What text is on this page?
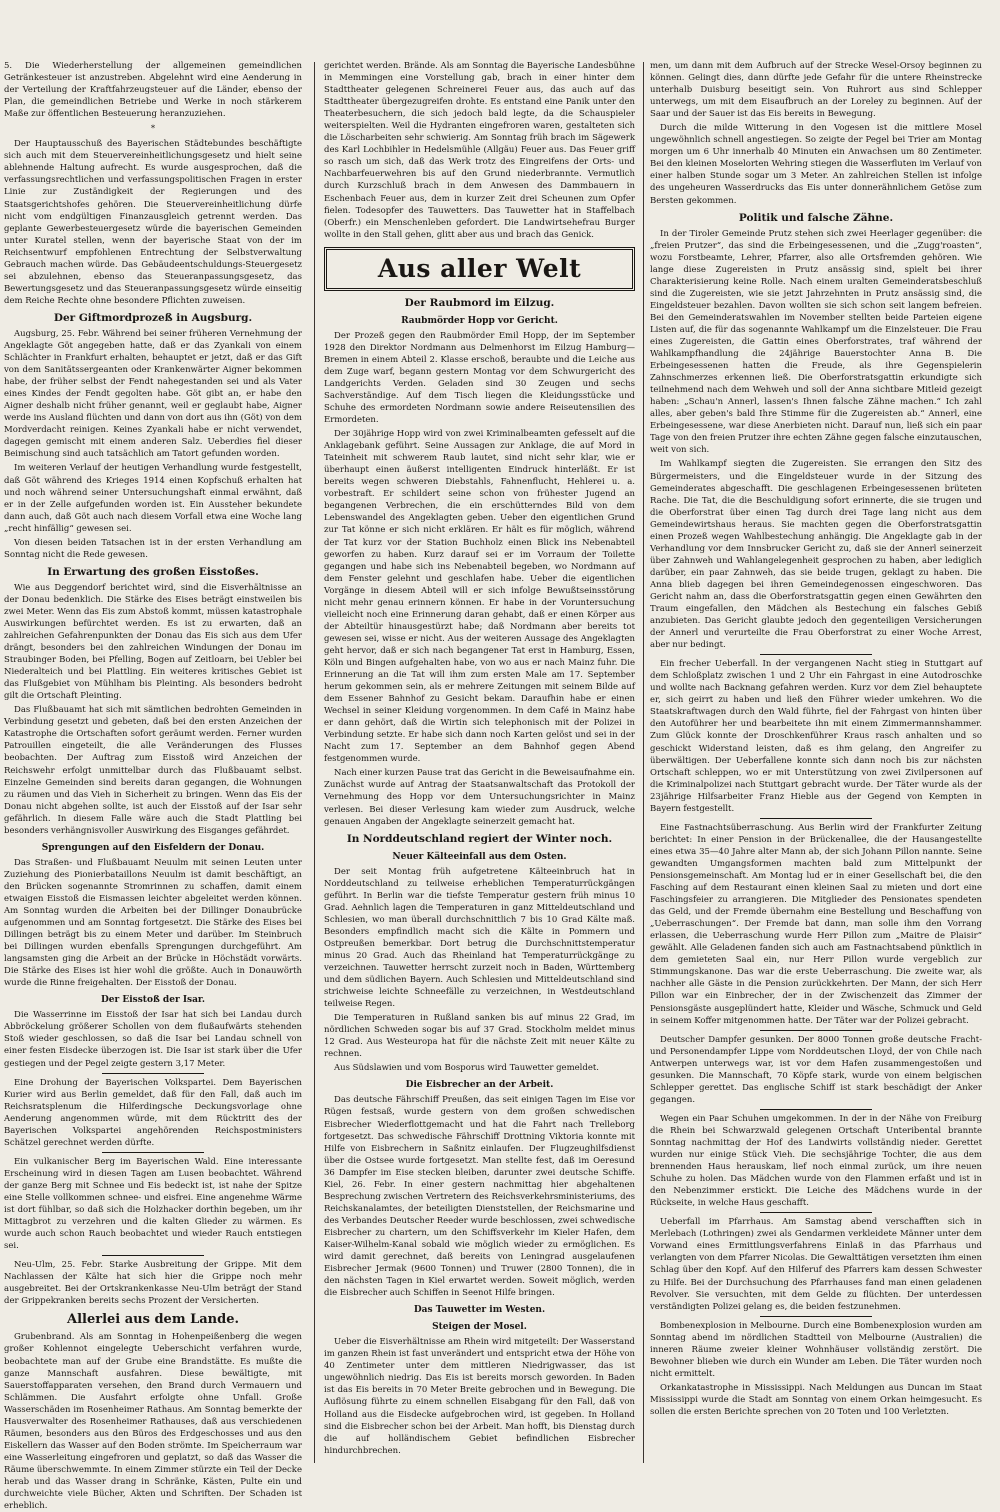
5. Die Wiederherstellung der allgemeinen gemeindlichen Getränkesteuer ist anzustreben. Abgelehnt wird eine Aenderung in der Verteilung der Kraftfahrzeugsteuer auf die Länder, ebenso der Plan, die gemeindlichen Betriebe und Werke in noch stärkerem Maße zur öffentlichen Besteuerung heranzuziehen.

*

Der Hauptausschuß des Bayerischen Städtebundes beschäftigte sich auch mit dem Steuervereinheitlichungsgesetz und hielt seine ablehnende Haltung aufrecht. Es wurde ausgesprochen, daß die verfassungsrechtlichen und verfassungspolitischen Fragen in erster Linie zur Zuständigkeit der Regierungen und des Staatsgerichtshofes gehören. Die Steuervereinheitlichung dürfe nicht vom endgültigen Finanzausgleich getrennt werden. Das geplante Gewerbesteuergesetz würde die bayerischen Gemeinden unter Kuratel stellen, wenn der bayerische Staat von der im Reichsentwurf empfohlenen Entrechtung der Selbstverwaltung Gebrauch machen würde. Das Gebäudeentschuldungs-Steuergesetz sei abzulehnen, ebenso das Steueranpassungsgesetz, das Bewertungsgesetz und das Steueranpassungsgesetz würde einseitig dem Reiche Rechte ohne besondere Pflichten zuweisen.

Der Giftmordprozeß in Augsburg.

Augsburg, 25. Febr. Während bei seiner früheren Vernehmung der Angeklagte Göt angegeben hatte, daß er das Zyankali von einem Schlächter in Frankfurt erhalten, behauptet er jetzt, daß er das Gift von dem Sanitätssergeanten oder Krankenwärter Aigner bekommen habe, der früher selbst der Fendt nahegestanden sei und als Vater eines Kindes der Fendt gegolten habe. Göt gibt an, er habe den Aigner deshalb nicht früher genannt, weil er geglaubt habe, Aigner werde ins Ausland flüchten und dann von dort aus ihn (Göt) von dem Mordverdacht reinigen. Keines Zyankali habe er nicht verwendet, dagegen gemischt mit einem anderen Salz. Ueberdies fiel dieser Beimischung sind auch tatsächlich am Tatort gefunden worden.

Im weiteren Verlauf der heutigen Verhandlung wurde festgestellt, daß Göt während des Krieges 1914 einen Kopfschuß erhalten hat und noch während seiner Untersuchungshaft einmal erwähnt, daß er in der Zelle aufgefunden worden ist. Ein Aussteher bekundete dann auch, daß Göt auch nach diesem Vorfall etwa eine Woche lang „recht hinfällig“ gewesen sei.

Von diesen beiden Tatsachen ist in der ersten Verhandlung am Sonntag nicht die Rede gewesen.

In Erwartung des großen Eisstoßes.

Wie aus Deggendorf berichtet wird, sind die Eisverhältnisse an der Donau bedenklich. Die Stärke des Eises beträgt einstweilen bis zwei Meter. Wenn das Eis zum Abstoß kommt, müssen katastrophale Auswirkungen befürchtet werden. Es ist zu erwarten, daß an zahlreichen Gefahrenpunkten der Donau das Eis sich aus dem Ufer drängt, besonders bei den zahlreichen Windungen der Donau im Straubinger Boden, bei Pfelling, Bogen auf Zeitloarn, bei Uebler bei Niederalteich und bei Plattling. Ein weiteres kritisches Gebiet ist das Flußgebiet von Mühlham bis Pleinting. Als besonders bedroht gilt die Ortschaft Pleinting.

Das Flußbauamt hat sich mit sämtlichen bedrohten Gemeinden in Verbindung gesetzt und gebeten, daß bei den ersten Anzeichen der Katastrophe die Ortschaften sofort geräumt werden. Ferner wurden Patrouillen eingeteilt, die alle Veränderungen des Flusses beobachten. Der Auftrag zum Eisstoß wird Anzeichen der Reichswehr erfolgt unmittelbar durch das Flußbauamt selbst. Einzelne Gemeinden sind bereits daran gegangen, die Wohnungen zu räumen und das Vieh in Sicherheit zu bringen. Wenn das Eis der Donau nicht abgehen sollte, ist auch der Eisstoß auf der Isar sehr gefährlich. In diesem Falle wäre auch die Stadt Plattling bei besonders verhängnisvoller Auswirkung des Eisganges gefährdet.

Sprengungen auf den Eisfeldern der Donau.

Das Straßen- und Flußbauamt Neuulm mit seinen Leuten unter Zuziehung des Pionierbataillons Neuulm ist damit beschäftigt, an den Brücken sogenannte Stromrinnen zu schaffen, damit einem etwaigen Eisstoß die Eismassen leichter abgeleitet werden können. Am Sonntag wurden die Arbeiten bei der Dillinger Donaubrücke aufgenommen und am Sonntag fortgesetzt. Die Stärke des Eises bei Dillingen beträgt bis zu einem Meter und darüber. Im Steinbruch bei Dillingen wurden ebenfalls Sprengungen durchgeführt. Am langsamsten ging die Arbeit an der Brücke in Höchstädt vorwärts. Die Stärke des Eises ist hier wohl die größte. Auch in Donauwörth wurde die Rinne freigehalten. Der Eisstoß der Donau.

Der Eisstoß der Isar.

Die Wasserrinne im Eisstoß der Isar hat sich bei Landau durch Abbröckelung größerer Schollen von dem flußaufwärts stehenden Stoß wieder geschlossen, so daß die Isar bei Landau schnell von einer festen Eisdecke überzogen ist. Die Isar ist stark über die Ufer gestiegen und der Pegel zeigte gestern 3,17 Meter.

Eine Drohung der Bayerischen Volkspartei. Dem Bayerischen Kurier wird aus Berlin gemeldet, daß für den Fall, daß auch im Reichsratsplenum die Hilferdingsche Deckungsvorlage ohne Aenderung angenommen würde, mit dem Rücktritt des der Bayerischen Volkspartei angehörenden Reichspostministers Schätzel gerechnet werden dürfte.

Ein vulkanischer Berg im Bayerischen Wald. Eine interessante Erscheinung wird in diesen Tagen am Lusen beobachtet. Während der ganze Berg mit Schnee und Eis bedeckt ist, ist nahe der Spitze eine Stelle vollkommen schnee- und eisfrei. Eine angenehme Wärme ist dort fühlbar, so daß sich die Holzhacker dorthin begeben, um ihr Mittagbrot zu verzehren und die kalten Glieder zu wärmen. Es wurde auch schon Rauch beobachtet und wieder Rauch entstiegen sei.

Neu-Ulm, 25. Febr. Starke Ausbreitung der Grippe. Mit dem Nachlassen der Kälte hat sich hier die Grippe noch mehr ausgebreitet. Bei der Ortskrankenkasse Neu-Ulm beträgt der Stand der Grippekranken bereits sechs Prozent der Versicherten.

Allerlei aus dem Lande.

Grubenbrand. Als am Sonntag in Hohenpeißenberg die wegen großer Kohlennot eingelegte Ueberschicht verfahren wurde, beobachtete man auf der Grube eine Brandstätte. Es mußte die ganze Mannschaft ausfahren. Diese bewältigte, mit Sauerstoffapparaten versehen, den Brand durch Vermauern und Schlämmen. Die Ausfahrt erfolgte ohne Unfall. Große Wasserschäden im Rosenheimer Rathaus. Am Sonntag bemerkte der Hausverwalter des Rosenheimer Rathauses, daß aus verschiedenen Räumen, besonders aus den Büros des Erdgeschosses und aus den Eiskellern das Wasser auf den Boden strömte. Im Speicherraum war eine Wasserleitung eingefroren und geplatzt, so daß das Wasser die Räume überschwemmte. In einem Zimmer stürzte ein Teil der Decke herab und das Wasser drang in Schränke, Kästen, Pulte ein und durchweichte viele Bücher, Akten und Schriften. Der Schaden ist erheblich.

gerichtet werden. Brände. Als am Sonntag die Bayerische Landesbühne in Memmingen eine Vorstellung gab, brach in einer hinter dem Stadttheater gelegenen Schreinerei Feuer aus, das auch auf das Stadttheater übergezugreifen drohte. Es entstand eine Panik unter den Theaterbesuchern, die sich jedoch bald legte, da die Schauspieler weiterspielten. Weil die Hydranten eingefroren waren, gestalteten sich die Löscharbeiten sehr schwierig. Am Sonntag früh brach im Sägewerk des Karl Lochbihler in Hedelsmühle (Allgäu) Feuer aus. Das Feuer griff so rasch um sich, daß das Werk trotz des Eingreifens der Orts- und Nachbarfeuerwehren bis auf den Grund niederbrannte. Vermutlich durch Kurzschluß brach in dem Anwesen des Dammbauern in Eschenbach Feuer aus, dem in kurzer Zeit drei Scheunen zum Opfer fielen. Todesopfer des Tauwetters. Das Tauwetter hat in Staffelbach (Oberfr.) ein Menschenleben gefordert. Die Landwirtsehefrau Burger wollte in den Stall gehen, glitt aber aus und brach das Genick.

Aus aller Welt
Der Raubmord im Eilzug.
Raubmörder Hopp vor Gericht.

Der Prozeß gegen den Raubmörder Emil Hopp, der im September 1928 den Direktor Nordmann aus Delmenhorst im Eilzug Hamburg—Bremen in einem Abteil 2. Klasse erschoß, beraubte und die Leiche aus dem Zuge warf, begann gestern Montag vor dem Schwurgericht des Landgerichts Verden. Geladen sind 30 Zeugen und sechs Sachverständige. Auf dem Tisch liegen die Kleidungsstücke und Schuhe des ermordeten Nordmann sowie andere Reiseutensilien des Ermordeten.

Der 30jährige Hopp wird von zwei Kriminalbeamten gefesselt auf die Anklagebank geführt. Seine Aussagen zur Anklage, die auf Mord in Tateinheit mit schwerem Raub lautet, sind nicht sehr klar, wie er überhaupt einen äußerst intelligenten Eindruck hinterläßt. Er ist bereits wegen schweren Diebstahls, Fahnenflucht, Hehlerei u. a. vorbestraft. Er schildert seine schon von frühester Jugend an begangenen Verbrechen, die ein erschütterndes Bild von dem Lebenswandel des Angeklagten geben. Ueber den eigentlichen Grund zur Tat könne er sich nicht erklären. Er hält es für möglich, während der Tat kurz vor der Station Buchholz einen Blick ins Nebenabteil geworfen zu haben. Kurz darauf sei er im Vorraum der Toilette gegangen und habe sich ins Nebenabteil begeben, wo Nordmann auf dem Fenster gelehnt und geschlafen habe. Ueber die eigentlichen Vorgänge in diesem Abteil will er sich infolge Bewußtseinsstörung nicht mehr genau erinnern können. Er habe in der Voruntersuchung vielleicht noch eine Erinnerung daran gehabt, daß er einen Körper aus der Abteiltür hinausgestürzt habe; daß Nordmann aber bereits tot gewesen sei, wisse er nicht. Aus der weiteren Aussage des Angeklagten geht hervor, daß er sich nach begangener Tat erst in Hamburg, Essen, Köln und Bingen aufgehalten habe, von wo aus er nach Mainz fuhr. Die Erinnerung an die Tat will ihm zum ersten Male am 17. September herum gekommen sein, als er mehrere Zeitungen mit seinem Bilde auf dem Essener Bahnhof zu Gesicht bekam. Daraufhin habe er einen Wechsel in seiner Kleidung vorgenommen. In dem Café in Mainz habe er dann gehört, daß die Wirtin sich telephonisch mit der Polizei in Verbindung setzte. Er habe sich dann noch Karten gelöst und sei in der Nacht zum 17. September an dem Bahnhof gegen Abend festgenommen wurde.

Nach einer kurzen Pause trat das Gericht in die Beweisaufnahme ein. Zunächst wurde auf Antrag der Staatsanwaltschaft das Protokoll der Vernehmung des Hopp vor dem Untersuchungsrichter in Mainz verlesen. Bei dieser Verlesung kam wieder zum Ausdruck, welche genauen Angaben der Angeklagte seinerzeit gemacht hat.

In Norddeutschland regiert der Winter noch.
Neuer Kälteeinfall aus dem Osten.

Der seit Montag früh aufgetretene Kälteeinbruch hat in Norddeutschland zu teilweise erheblichen Temperaturrückgängen geführt. In Berlin war die tiefste Temperatur gestern früh minus 10 Grad. Aehnlich lagen die Temperaturen in ganz Mitteldeutschland und Schlesien, wo man überall durchschnittlich 7 bis 10 Grad Kälte maß. Besonders empfindlich macht sich die Kälte in Pommern und Ostpreußen bemerkbar. Dort betrug die Durchschnittstemperatur minus 20 Grad. Auch das Rheinland hat Temperaturrückgänge zu verzeichnen. Tauwetter herrscht zurzeit noch in Baden, Württemberg und dem südlichen Bayern. Auch Schlesien und Mitteldeutschland sind strichweise leichte Schneefälle zu verzeichnen, in Westdeutschland teilweise Regen.

Die Temperaturen in Rußland sanken bis auf minus 22 Grad, im nördlichen Schweden sogar bis auf 37 Grad. Stockholm meldet minus 12 Grad. Aus Westeuropa hat für die nächste Zeit mit neuer Kälte zu rechnen.

Aus Südslawien und vom Bosporus wird Tauwetter gemeldet.

Die Eisbrecher an der Arbeit.

Das deutsche Fährschiff Preußen, das seit einigen Tagen im Eise vor Rügen festsaß, wurde gestern von dem großen schwedischen Eisbrecher Wiederflottgemacht und hat die Fahrt nach Trelleborg fortgesetzt. Das schwedische Fährschiff Drottning Viktoria konnte mit Hilfe von Eisbrechern in Saßnitz einlaufen. Der Flugzeughilfsdienst über die Ostsee wurde fortgesetzt. Man stellte fest, daß im Oeresund 36 Dampfer im Eise stecken bleiben, darunter zwei deutsche Schiffe. Kiel, 26. Febr. In einer gestern nachmittag hier abgehaltenen Besprechung zwischen Vertretern des Reichsverkehrsministeriums, des Reichskanalamtes, der beteiligten Dienststellen, der Reichsmarine und des Verbandes Deutscher Reeder wurde beschlossen, zwei schwedische Eisbrecher zu chartern, um den Schiffsverkehr im Kieler Hafen, dem Kaiser-Wilhelm-Kanal sobald wie möglich wieder zu ermöglichen. Es wird damit gerechnet, daß bereits von Leningrad ausgelaufenen Eisbrecher Jermak (9600 Tonnen) und Truwer (2800 Tonnen), die in den nächsten Tagen in Kiel erwartet werden. Soweit möglich, werden die Eisbrecher auch Schiffen in Seenot Hilfe bringen.

Das Tauwetter im Westen.
Steigen der Mosel.

Ueber die Eisverhältnisse am Rhein wird mitgeteilt: Der Wasserstand im ganzen Rhein ist fast unverändert und entspricht etwa der Höhe von 40 Zentimeter unter dem mittleren Niedrigwasser, das ist ungewöhnlich niedrig. Das Eis ist bereits morsch geworden. In Baden ist das Eis bereits in 70 Meter Breite gebrochen und in Bewegung. Die Auflösung führte zu einem schnellen Eisabgang für den Fall, daß von Holland aus die Eisdecke aufgebrochen wird, ist gegeben. In Holland sind die Eisbrecher schon bei der Arbeit. Man hofft, bis Dienstag durch die auf holländischem Gebiet befindlichen Eisbrecher hindurchbrechen.

men, um dann mit dem Aufbruch auf der Strecke Wesel-Orsoy beginnen zu können. Gelingt dies, dann dürfte jede Gefahr für die untere Rheinstrecke unterhalb Duisburg beseitigt sein. Von Ruhrort aus sind Schlepper unterwegs, um mit dem Eisaufbruch an der Loreley zu beginnen. Auf der Saar und der Sauer ist das Eis bereits in Bewegung.

Durch die milde Witterung in den Vogesen ist die mittlere Mosel ungewöhnlich schnell angestiegen. So zeigte der Pegel bei Trier am Montag morgen um 6 Uhr innerhalb 40 Minuten ein Anwachsen um 80 Zentimeter. Bei den kleinen Moselorten Wehring stiegen die Wasserfluten im Verlauf von einer halben Stunde sogar um 3 Meter. An zahlreichen Stellen ist infolge des ungeheuren Wasserdrucks das Eis unter donnerähnlichem Getöse zum Bersten gekommen.

Politik und falsche Zähne.

In der Tiroler Gemeinde Prutz stehen sich zwei Heerlager gegenüber: die „freien Prutzer“, das sind die Erbeingesessenen, und die „Zugg'roasten“, wozu Forstbeamte, Lehrer, Pfarrer, also alle Ortsfremden gehören. Wie lange diese Zugereisten in Prutz ansässig sind, spielt bei ihrer Charakterisierung keine Rolle. Nach einem uralten Gemeinderatsbeschluß sind die Zugereisten, wie sie jetzt Jahrzehnten in Prutz ansässig sind, die Eingeldsteuer bezahlen. Davon wollten sie sich schon seit langem befreien. Bei den Gemeinderatswahlen im November stellten beide Parteien eigene Listen auf, die für das sogenannte Wahlkampf um die Einzelsteuer. Die Frau eines Zugereisten, die Gattin eines Oberforstrates, traf während der Wahlkampfhandlung die 24jährige Bauerstochter Anna B. Die Erbeingesessenen hatten die Freude, als ihre Gegenspielerin Zahnschmerzes erkennen ließ. Die Oberforstratsgattin erkundigte sich teilnehmend nach dem Wehweh und soll der Anna sichtbare Mitleid gezeigt haben: „Schau'n Annerl, lassen's Ihnen falsche Zähne machen.“ Ich zahl alles, aber geben's bald Ihre Stimme für die Zugereisten ab.“ Annerl, eine Erbeingesessene, war diese Anerbieten nicht. Darauf nun, ließ sich ein paar Tage von den freien Prutzer ihre echten Zähne gegen falsche einzutauschen, weit von sich.

Im Wahlkampf siegten die Zugereisten. Sie errangen den Sitz des Bürgermeisters, und die Eingeldsteuer wurde in der Sitzung des Gemeinderates abgeschafft. Die geschlagenen Erbeingesessenen brüteten Rache. Die Tat, die die Beschuldigung sofort erinnerte, die sie trugen und die Oberforstrat über einen Tag durch drei Tage lang nicht aus dem Gemeindewirtshaus heraus. Sie machten gegen die Oberforstratsgattin einen Prozeß wegen Wahlbestechung anhängig. Die Angeklagte gab in der Verhandlung vor dem Innsbrucker Gericht zu, daß sie der Annerl seinerzeit über Zahnweh und Wahlangelegenheit gesprochen zu haben, aber lediglich darüber, ein paar Zahnweh, das sie beide trugen, geklagt zu haben. Die Anna blieb dagegen bei ihren Gemeindegenossen eingeschworen. Das Gericht nahm an, dass die Oberforstratsgattin gegen einen Gewährten den Traum eingefallen, den Mädchen als Bestechung ein falsches Gebiß anzubieten. Das Gericht glaubte jedoch den gegenteiligen Versicherungen der Annerl und verurteilte die Frau Oberforstrat zu einer Woche Arrest, aber nur bedingt.

Ein frecher Ueberfall. In der vergangenen Nacht stieg in Stuttgart auf dem Schloßplatz zwischen 1 und 2 Uhr ein Fahrgast in eine Autodroschke und wollte nach Backnang gefahren werden. Kurz vor dem Ziel behauptete er, sich geirrt zu haben und ließ den Führer wieder umkehren. Wo die Staatskraftwagen durch den Wald führte, fiel der Fahrgast von hinten über den Autoführer her und bearbeitete ihn mit einem Zimmermannshammer. Zum Glück konnte der Droschkenführer Kraus rasch anhalten und so geschickt Widerstand leisten, daß es ihm gelang, den Angreifer zu überwältigen. Der Ueberfallene konnte sich dann noch bis zur nächsten Ortschaft schleppen, wo er mit Unterstützung von zwei Zivilpersonen auf die Kriminalpolizei nach Stuttgart gebracht wurde. Der Täter wurde als der 23jährige Hilfsarbeiter Franz Hieble aus der Gegend von Kempten in Bayern festgestellt.

Eine Fastnachtsüberraschung. Aus Berlin wird der Frankfurter Zeitung berichtet: In einer Pension in der Brückenallee, die der Hausangestellte eines etwa 35—40 Jahre alter Mann ab, der sich Johann Pillon nannte. Seine gewandten Umgangsformen machten bald zum Mittelpunkt der Pensionsgemeinschaft. Am Montag lud er in einer Gesellschaft bei, die den Fasching auf dem Restaurant einen kleinen Saal zu mieten und dort eine Faschingsfeier zu arrangieren. Die Mitglieder des Pensionates spendeten das Geld, und der Fremde übernahm eine Bestellung und Beschaffung von „Ueberraschungen“. Der Fremde bat dann, man solle ihm den Vorrang erlassen, die Ueberraschung wurde Herr Pillon zum „Maitre de Plaisir“ gewählt. Alle Geladenen fanden sich auch am Fastnachtsabend pünktlich in dem gemieteten Saal ein, nur Herr Pillon wurde vergeblich zur Stimmungskanone. Das war die erste Ueberraschung. Die zweite war, als nachher alle Gäste in die Pension zurückkehrten. Der Mann, der sich Herr Pillon war ein Einbrecher, der in der Zwischenzeit das Zimmer der Pensionsgäste ausgeplündert hatte, Kleider und Wäsche, Schmuck und Geld in seinem Koffer mitgenommen hatte. Der Täter war der Polizei gebracht.

Deutscher Dampfer gesunken. Der 8000 Tonnen große deutsche Fracht- und Personendampfer Lippe vom Norddeutschen Lloyd, der von Chile nach Antwerpen unterwegs war, ist vor dem Hafen zusammengestoßen und gesunken. Die Mannschaft, 70 Köpfe stark, wurde von einem belgischen Schlepper gerettet. Das englische Schiff ist stark beschädigt der Anker gegangen.

Wegen ein Paar Schuhen umgekommen. In der in der Nähe von Freiburg die Rhein bei Schwarzwald gelegenen Ortschaft Unteribental brannte Sonntag nachmittag der Hof des Landwirts vollständig nieder. Gerettet wurden nur einige Stück Vieh. Die sechsjährige Tochter, die aus dem brennenden Haus herauskam, lief noch einmal zurück, um ihre neuen Schuhe zu holen. Das Mädchen wurde von den Flammen erfaßt und ist in den Nebenzimmer erstickt. Die Leiche des Mädchens wurde in der Rückseite, in welche Haus geschafft.

Ueberfall im Pfarrhaus. Am Samstag abend verschafften sich in Merlebach (Lothringen) zwei als Gendarmen verkleidete Männer unter dem Vorwand eines Ermittlungsverfahrens Einlaß in das Pfarrhaus und verlangten von dem Pfarrer Nicolas. Die Gewalttätigen versetzten ihm einen Schlag über den Kopf. Auf den Hilferuf des Pfarrers kam dessen Schwester zu Hilfe. Bei der Durchsuchung des Pfarrhauses fand man einen geladenen Revolver. Sie versuchten, mit dem Gelde zu flüchten. Der unterdessen verständigten Polizei gelang es, die beiden festzunehmen.

Bombenexplosion in Melbourne. Durch eine Bombenexplosion wurden am Sonntag abend im nördlichen Stadtteil von Melbourne (Australien) die inneren Räume zweier kleiner Wohnhäuser vollständig zerstört. Die Bewohner blieben wie durch ein Wunder am Leben. Die Täter wurden noch nicht ermittelt.

Orkankatastrophe in Mississippi. Nach Meldungen aus Duncan im Staat Mississippi wurde die Stadt am Sonntag von einem Orkan heimgesucht. Es sollen die ersten Berichte sprechen von 20 Toten und 100 Verletzten.
